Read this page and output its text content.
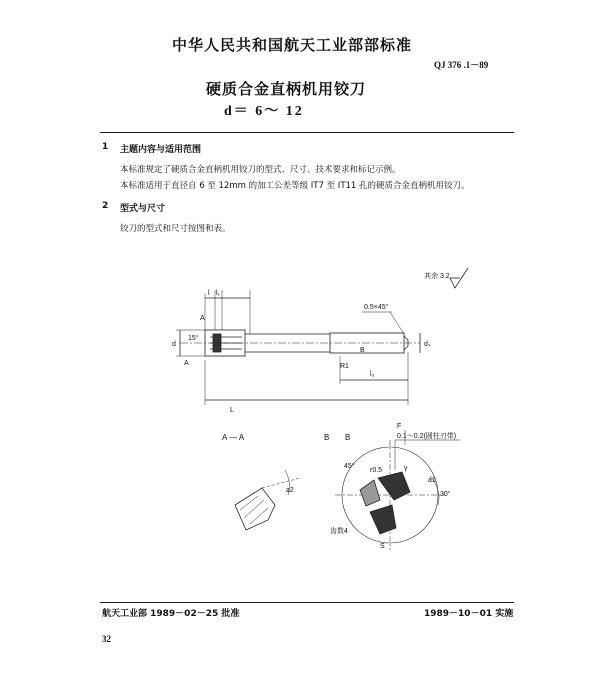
中华人民共和国航天工业部部标准
QJ 376 .1－89
硬质合金直柄机用铰刀
d＝ 6～ 12
1 主题内容与适用范围
本标准规定了硬质合金直柄机用铰刀的型式、尺寸、技术要求和标记示例。
本标准适用于直径自 6 至 12mm 的加工公差等级 IT7 至 IT11 孔的硬质合金直柄机用铰刀。
2 型式与尺寸
铰刀的型式和尺寸按图和表。
L
l₃
l l₁
d	d₃
0.5×45°
A
A	R1
15°
其余 3.2
A — A	B B
F
0.1～0.2(圆柱刃带)
45°
30°
r0.5
S
a2
a1
γ
齿数4
B
航天工业部 1989－02－25 批准	1989－10－01 实施
32
